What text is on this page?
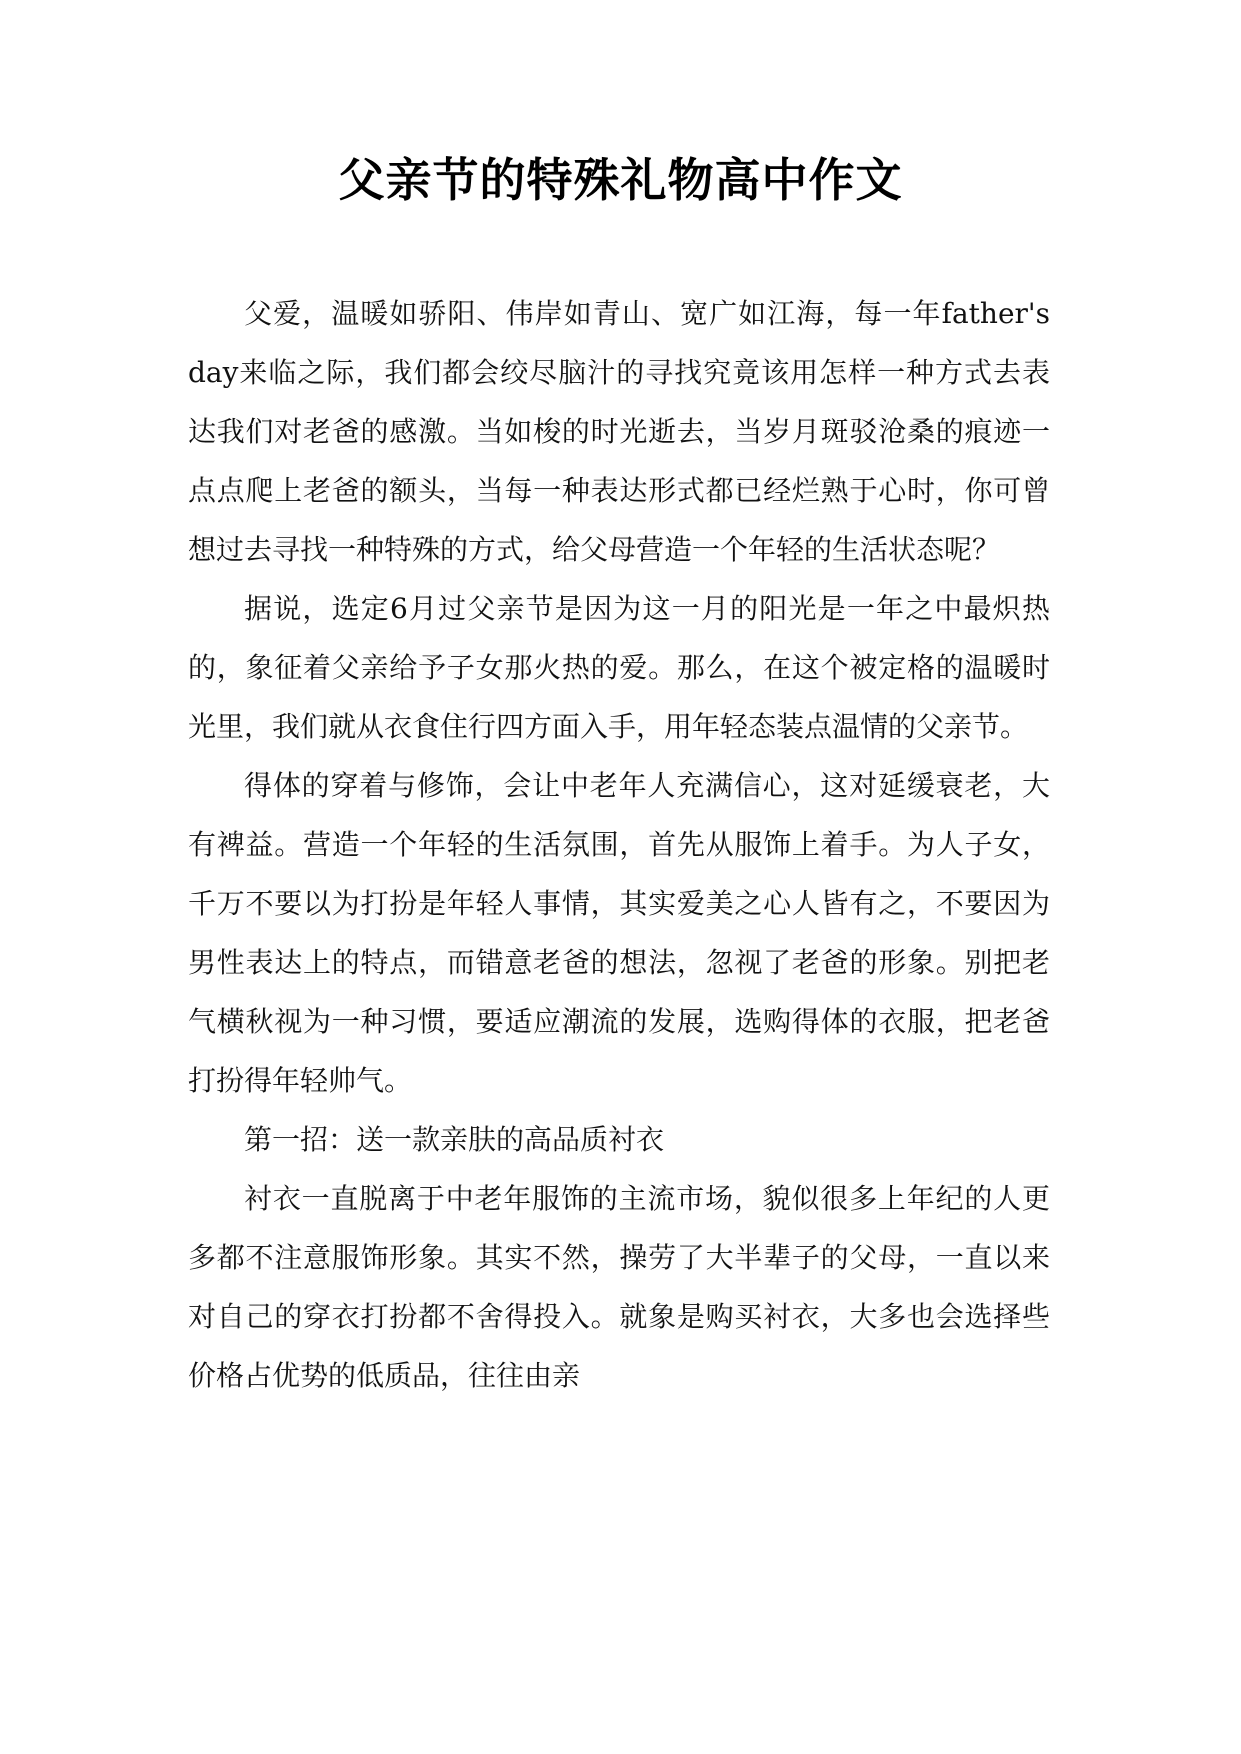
父亲节的特殊礼物高中作文

父爱，温暖如骄阳、伟岸如青山、宽广如江海，每一年father's day来临之际，我们都会绞尽脑汁的寻找究竟该用怎样一种方式去表达我们对老爸的感激。当如梭的时光逝去，当岁月斑驳沧桑的痕迹一点点爬上老爸的额头，当每一种表达形式都已经烂熟于心时，你可曾想过去寻找一种特殊的方式，给父母营造一个年轻的生活状态呢？

据说，选定6月过父亲节是因为这一月的阳光是一年之中最炽热的，象征着父亲给予子女那火热的爱。那么，在这个被定格的温暖时光里，我们就从衣食住行四方面入手，用年轻态装点温情的父亲节。

得体的穿着与修饰，会让中老年人充满信心，这对延缓衰老，大有裨益。营造一个年轻的生活氛围，首先从服饰上着手。为人子女，千万不要以为打扮是年轻人事情，其实爱美之心人皆有之，不要因为男性表达上的特点，而错意老爸的想法，忽视了老爸的形象。别把老气横秋视为一种习惯，要适应潮流的发展，选购得体的衣服，把老爸打扮得年轻帅气。

第一招：送一款亲肤的高品质衬衣

衬衣一直脱离于中老年服饰的主流市场，貌似很多上年纪的人更多都不注意服饰形象。其实不然，操劳了大半辈子的父母，一直以来对自己的穿衣打扮都不舍得投入。就象是购买衬衣，大多也会选择些价格占优势的低质品，往往由亲
